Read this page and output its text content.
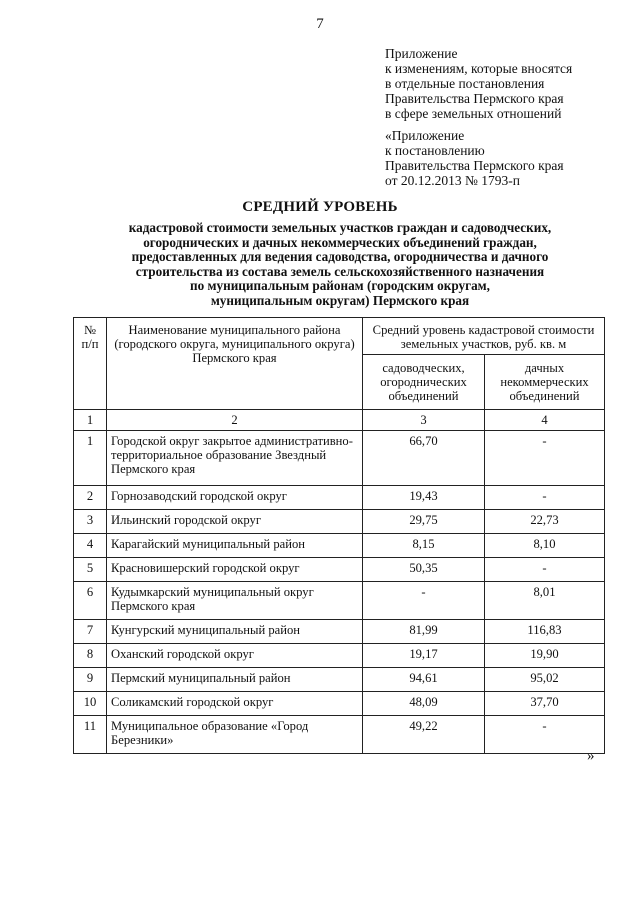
7
Приложение
к изменениям, которые вносятся
в отдельные постановления
Правительства Пермского края
в сфере земельных отношений
«Приложение
к постановлению
Правительства Пермского края
от 20.12.2013 № 1793-п
СРЕДНИЙ УРОВЕНЬ
кадастровой стоимости земельных участков граждан и садоводческих,
огороднических и дачных некоммерческих объединений граждан,
предоставленных для ведения садоводства, огородничества и дачного
строительства из состава земель сельскохозяйственного назначения
по муниципальным районам (городским округам,
муниципальным округам) Пермского края
№ п/п	Наименование муниципального района (городского округа, муниципального округа) Пермского края	Средний уровень кадастровой стоимости земельных участков, руб. кв. м	
		садоводческих, огороднических объединений	дачных некоммерческих объединений
1	2	3	4
1	Городской округ закрытое административно-территориальное образование Звездный Пермского края	66,70	-
2	Горнозаводский городской округ	19,43	-
3	Ильинский городской округ	29,75	22,73
4	Карагайский муниципальный район	8,15	8,10
5	Красновишерский городской округ	50,35	-
6	Кудымкарский муниципальный округ Пермского края	-	8,01
7	Кунгурский муниципальный район	81,99	116,83
8	Оханский городской округ	19,17	19,90
9	Пермский муниципальный район	94,61	95,02
10	Соликамский городской округ	48,09	37,70
11	Муниципальное образование «Город Березники»	49,22	-
»
